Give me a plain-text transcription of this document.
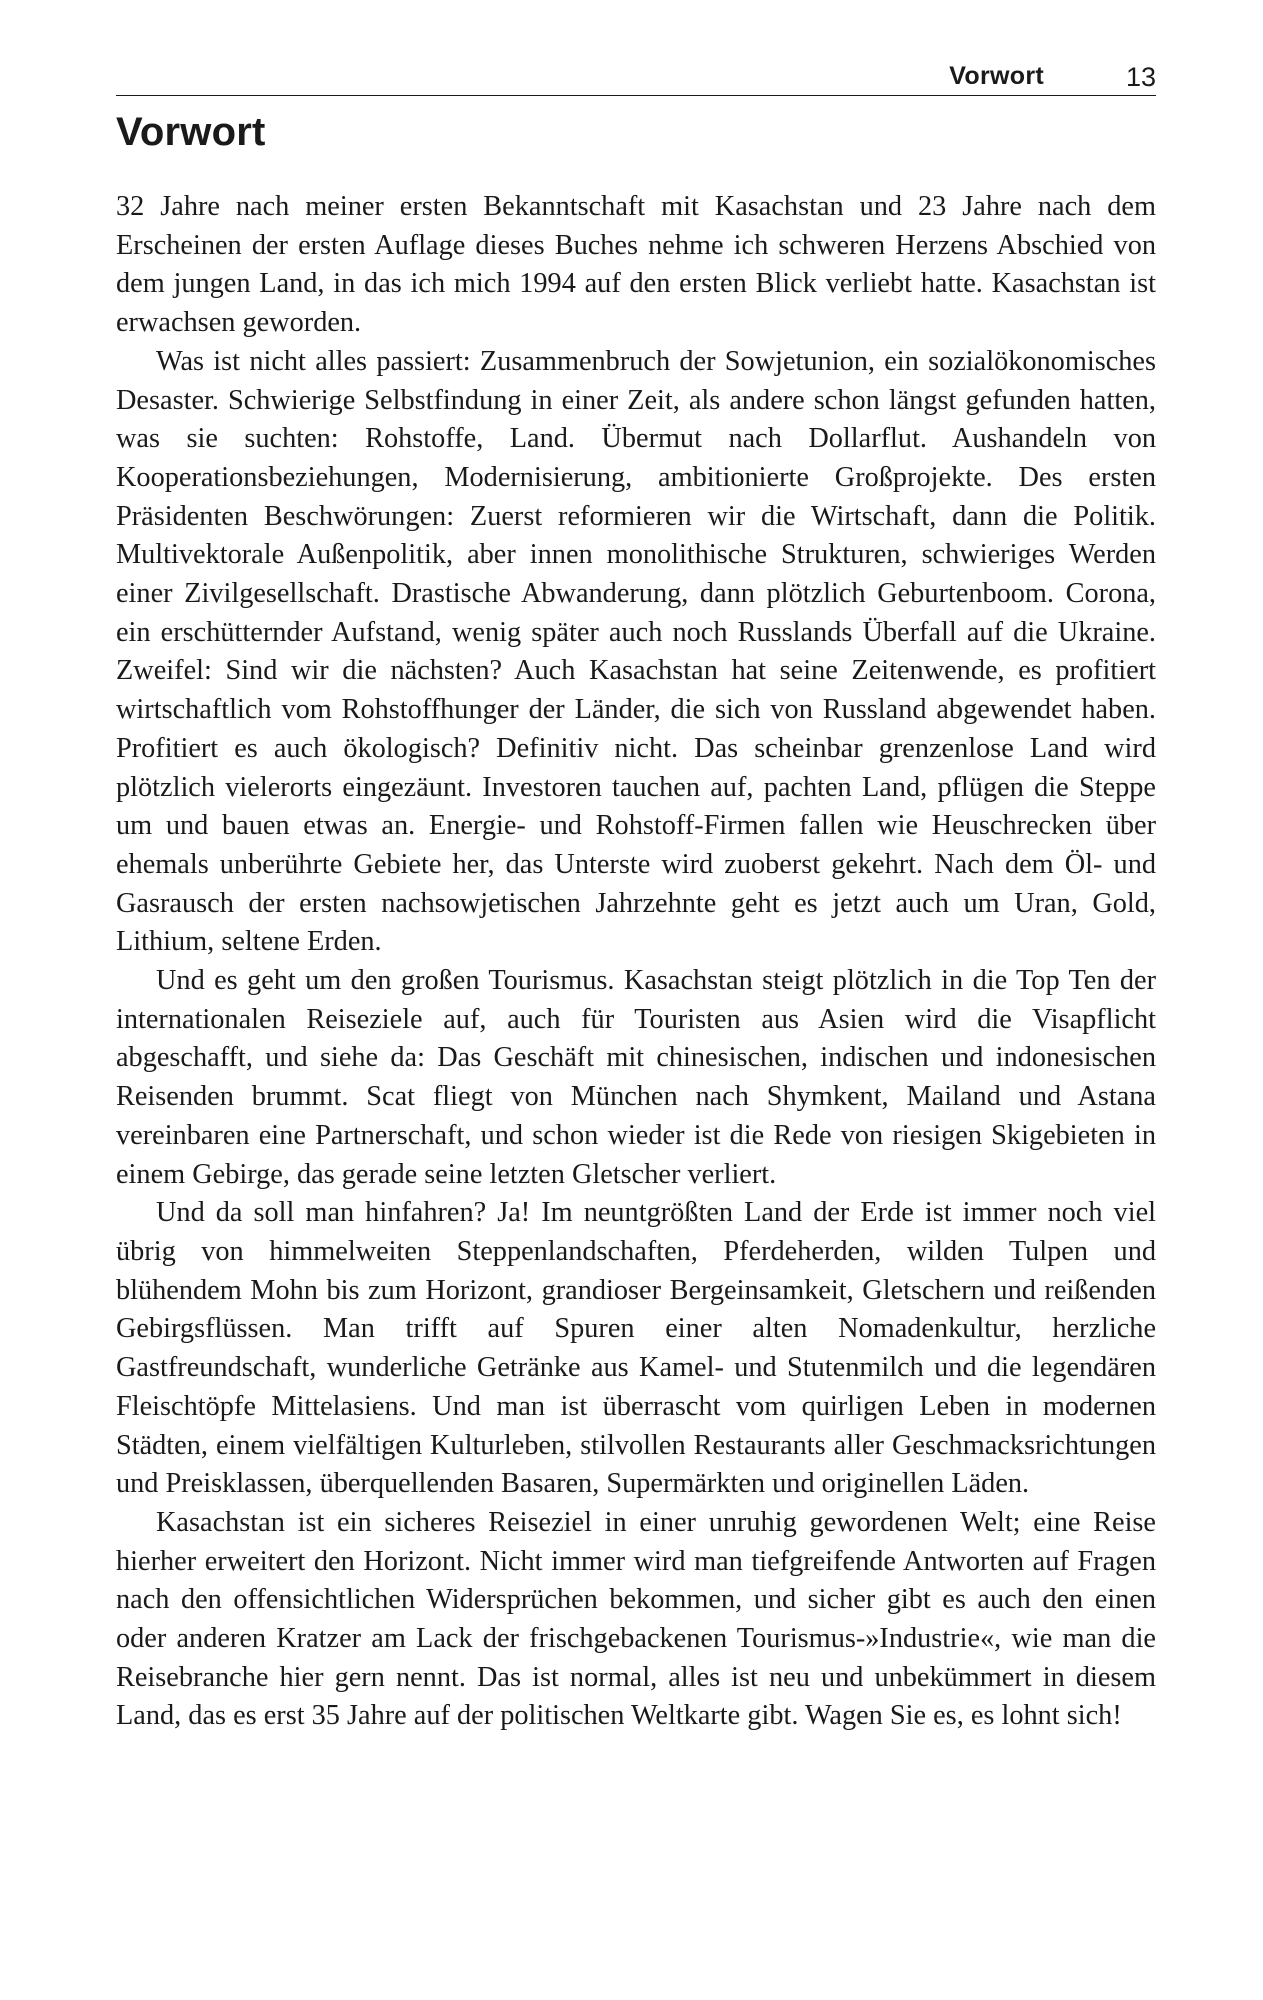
Vorwort	13
Vorwort

32 Jahre nach meiner ersten Bekanntschaft mit Kasachstan und 23 Jahre nach dem Erscheinen der ersten Auflage dieses Buches nehme ich schweren Herzens Abschied von dem jungen Land, in das ich mich 1994 auf den ersten Blick verliebt hatte. Kasachstan ist erwachsen geworden.

Was ist nicht alles passiert: Zusammenbruch der Sowjetunion, ein sozialökonomisches Desaster. Schwierige Selbstfindung in einer Zeit, als andere schon längst gefunden hatten, was sie suchten: Rohstoffe, Land. Übermut nach Dollarflut. Aushandeln von Kooperationsbeziehungen, Modernisierung, ambitionierte Großprojekte. Des ersten Präsidenten Beschwörungen: Zuerst reformieren wir die Wirtschaft, dann die Politik. Multivektorale Außenpolitik, aber innen monolithische Strukturen, schwieriges Werden einer Zivilgesellschaft. Drastische Abwanderung, dann plötzlich Geburtenboom. Corona, ein erschütternder Aufstand, wenig später auch noch Russlands Überfall auf die Ukraine. Zweifel: Sind wir die nächsten? Auch Kasachstan hat seine Zeitenwende, es profitiert wirtschaftlich vom Rohstoffhunger der Länder, die sich von Russland abgewendet haben. Profitiert es auch ökologisch? Definitiv nicht. Das scheinbar grenzenlose Land wird plötzlich vielerorts eingezäunt. Investoren tauchen auf, pachten Land, pflügen die Steppe um und bauen etwas an. Energie- und Rohstoff-Firmen fallen wie Heuschrecken über ehemals unberührte Gebiete her, das Unterste wird zuoberst gekehrt. Nach dem Öl- und Gasrausch der ersten nachsowjetischen Jahrzehnte geht es jetzt auch um Uran, Gold, Lithium, seltene Erden.

Und es geht um den großen Tourismus. Kasachstan steigt plötzlich in die Top Ten der internationalen Reiseziele auf, auch für Touristen aus Asien wird die Visapflicht abgeschafft, und siehe da: Das Geschäft mit chinesischen, indischen und indonesischen Reisenden brummt. Scat fliegt von München nach Shymkent, Mailand und Astana vereinbaren eine Partnerschaft, und schon wieder ist die Rede von riesigen Skigebieten in einem Gebirge, das gerade seine letzten Gletscher verliert.

Und da soll man hinfahren? Ja! Im neuntgrößten Land der Erde ist immer noch viel übrig von himmelweiten Steppenlandschaften, Pferdeherden, wilden Tulpen und blühendem Mohn bis zum Horizont, grandioser Bergeinsamkeit, Gletschern und reißenden Gebirgsflüssen. Man trifft auf Spuren einer alten Nomadenkultur, herzliche Gastfreundschaft, wunderliche Getränke aus Kamel- und Stutenmilch und die legendären Fleischtöpfe Mittelasiens. Und man ist überrascht vom quirligen Leben in modernen Städten, einem vielfältigen Kulturleben, stilvollen Restaurants aller Geschmacksrichtungen und Preisklassen, überquellenden Basaren, Supermärkten und originellen Läden.

Kasachstan ist ein sicheres Reiseziel in einer unruhig gewordenen Welt; eine Reise hierher erweitert den Horizont. Nicht immer wird man tiefgreifende Antworten auf Fragen nach den offensichtlichen Widersprüchen bekommen, und sicher gibt es auch den einen oder anderen Kratzer am Lack der frischgebackenen Tourismus-»Industrie«, wie man die Reisebranche hier gern nennt. Das ist normal, alles ist neu und unbekümmert in diesem Land, das es erst 35 Jahre auf der politischen Weltkarte gibt. Wagen Sie es, es lohnt sich!
